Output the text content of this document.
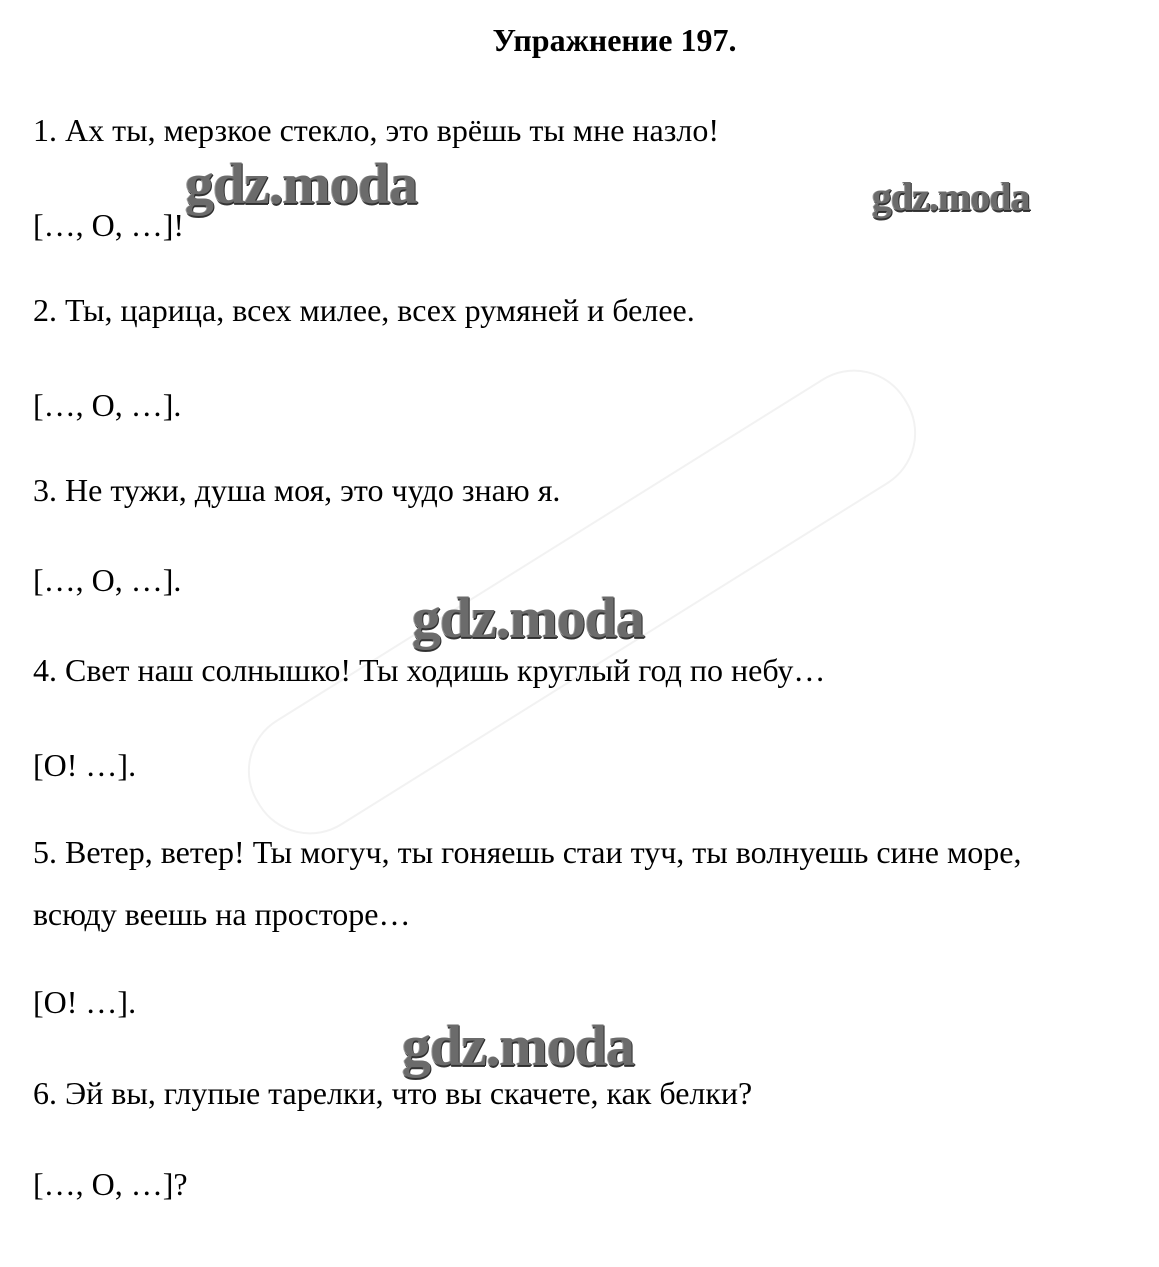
Упражнение 197.
1. Ах ты, мерзкое стекло, это врёшь ты мне назло!
[…, О, …]!
2. Ты, царица, всех милее, всех румяней и белее.
[…, О, …].
3. Не тужи, душа моя, это чудо знаю я.
[…, О, …].
4. Свет наш солнышко! Ты ходишь круглый год по небу…
[О! …].
5. Ветер, ветер! Ты могуч, ты гоняешь стаи туч, ты волнуешь сине море,
всюду веешь на просторе…
[О! …].
6. Эй вы, глупые тарелки, что вы скачете, как белки?
[…, О, …]?
gdz.moda	gdz.moda
gdz.moda
gdz.moda
